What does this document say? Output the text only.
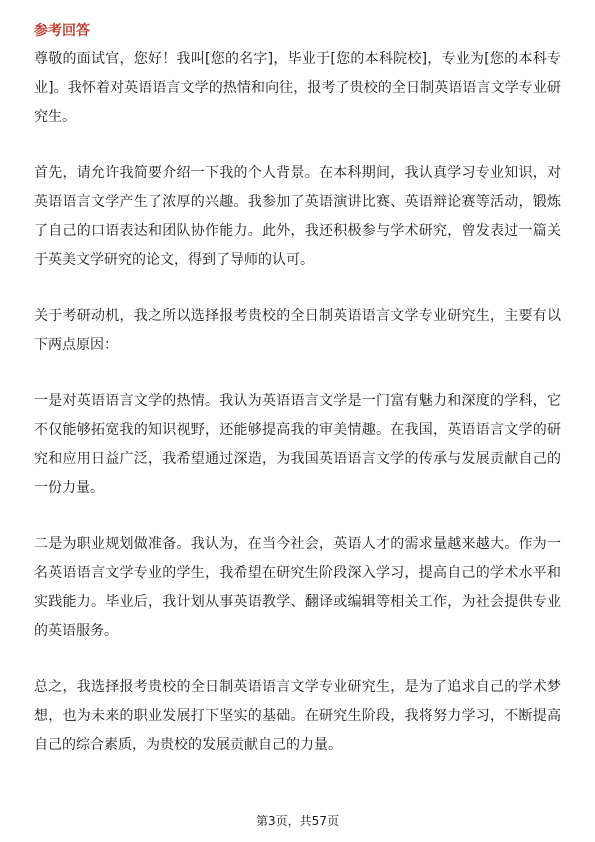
参考回答

尊敬的面试官，您好！我叫[您的名字]，毕业于[您的本科院校]，专业为[您的本科专业]。我怀着对英语语言文学的热情和向往，报考了贵校的全日制英语语言文学专业研究生。

首先，请允许我简要介绍一下我的个人背景。在本科期间，我认真学习专业知识，对英语语言文学产生了浓厚的兴趣。我参加了英语演讲比赛、英语辩论赛等活动，锻炼了自己的口语表达和团队协作能力。此外，我还积极参与学术研究，曾发表过一篇关于英美文学研究的论文，得到了导师的认可。

关于考研动机，我之所以选择报考贵校的全日制英语语言文学专业研究生，主要有以下两点原因：

一是对英语语言文学的热情。我认为英语语言文学是一门富有魅力和深度的学科，它不仅能够拓宽我的知识视野，还能够提高我的审美情趣。在我国，英语语言文学的研究和应用日益广泛，我希望通过深造，为我国英语语言文学的传承与发展贡献自己的一份力量。

二是为职业规划做准备。我认为，在当今社会，英语人才的需求量越来越大。作为一名英语语言文学专业的学生，我希望在研究生阶段深入学习，提高自己的学术水平和实践能力。毕业后，我计划从事英语教学、翻译或编辑等相关工作，为社会提供专业的英语服务。

总之，我选择报考贵校的全日制英语语言文学专业研究生，是为了追求自己的学术梦想，也为未来的职业发展打下坚实的基础。在研究生阶段，我将努力学习，不断提高自己的综合素质，为贵校的发展贡献自己的力量。

第3页，共57页
